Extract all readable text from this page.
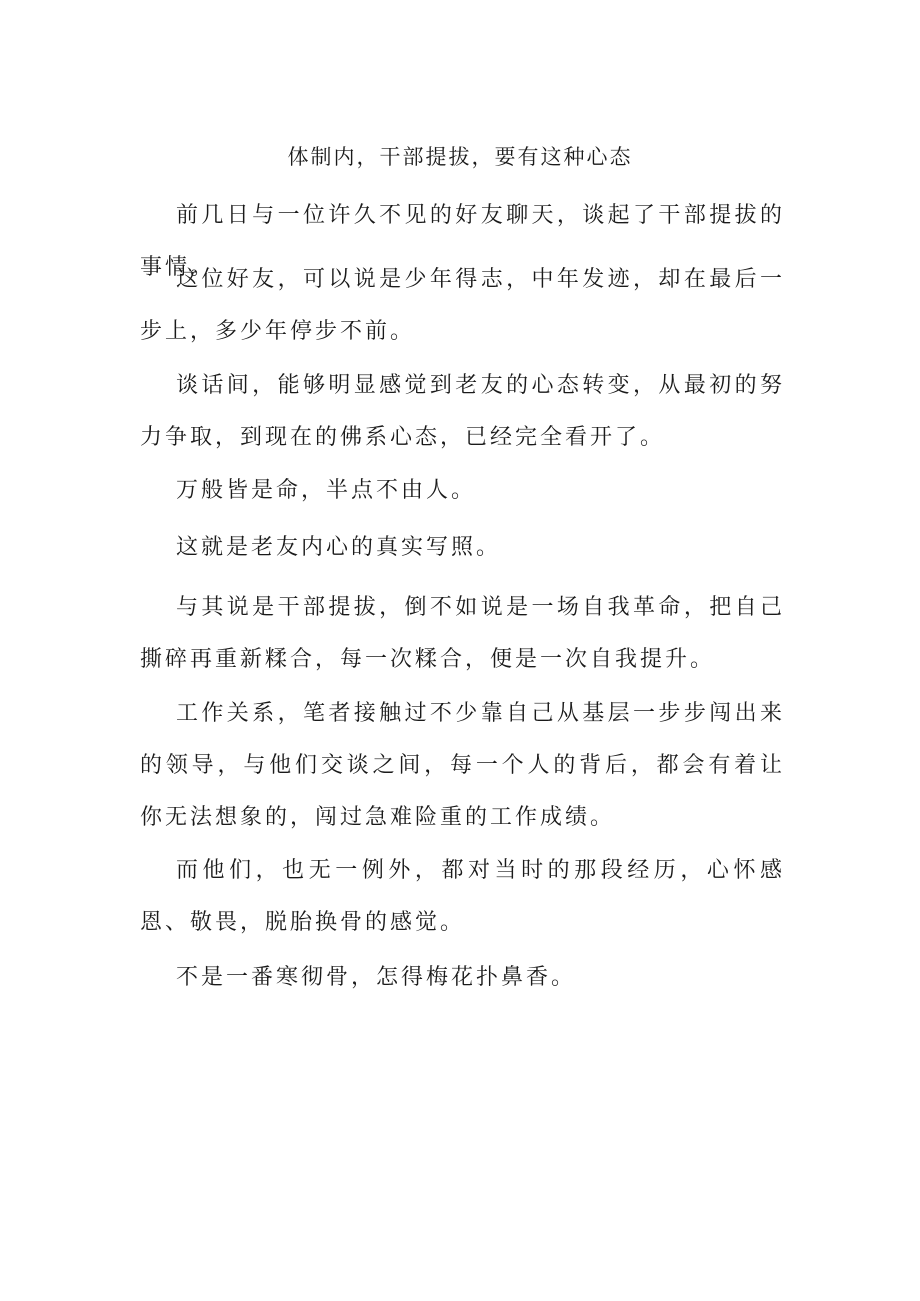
体制内，干部提拔，要有这种心态

前几日与一位许久不见的好友聊天，谈起了干部提拔的事情。

这位好友，可以说是少年得志，中年发迹，却在最后一步上，多少年停步不前。

谈话间，能够明显感觉到老友的心态转变，从最初的努力争取，到现在的佛系心态，已经完全看开了。

万般皆是命，半点不由人。

这就是老友内心的真实写照。

与其说是干部提拔，倒不如说是一场自我革命，把自己撕碎再重新糅合，每一次糅合，便是一次自我提升。

工作关系，笔者接触过不少靠自己从基层一步步闯出来的领导，与他们交谈之间，每一个人的背后，都会有着让你无法想象的，闯过急难险重的工作成绩。

而他们，也无一例外，都对当时的那段经历，心怀感恩、敬畏，脱胎换骨的感觉。

不是一番寒彻骨，怎得梅花扑鼻香。
